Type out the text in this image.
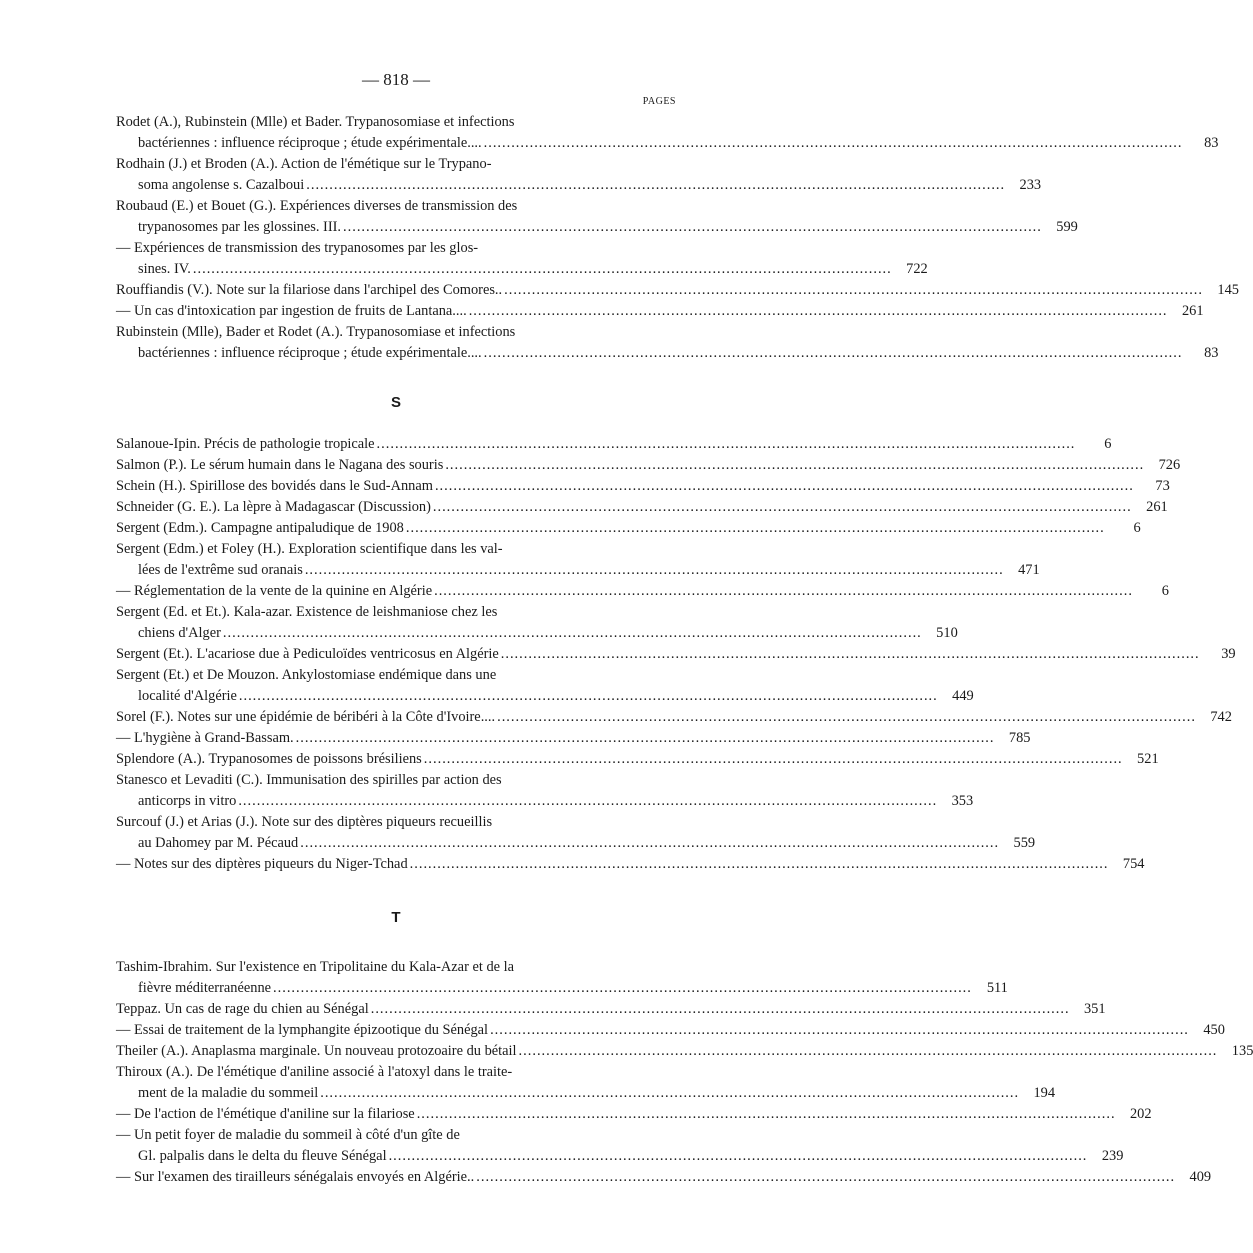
— 818 —
PAGES
Rodet (A.), Rubinstein (Mlle) et Bader. Trypanosomiase et infections
bactériennes : influence réciproque ; étude expérimentale.... .....	83
Rodhain (J.) et Broden (A.). Action de l'émétique sur le Trypano-
soma angolense s. Cazalboui .....	233
Roubaud (E.) et Bouet (G.). Expériences diverses de transmission des
trypanosomes par les glossines. III. .....	599
— Expériences de transmission des trypanosomes par les glos-
sines. IV. .....	722
Rouffiandis (V.). Note sur la filariose dans l'archipel des Comores.. .....	145
— Un cas d'intoxication par ingestion de fruits de Lantana.... .....	261
Rubinstein (Mlle), Bader et Rodet (A.). Trypanosomiase et infections
bactériennes : influence réciproque ; étude expérimentale.... .....	83
S
Salanoue-Ipin. Précis de pathologie tropicale .....	6
Salmon (P.). Le sérum humain dans le Nagana des souris .....	726
Schein (H.). Spirillose des bovidés dans le Sud-Annam .....	73
Schneider (G. E.). La lèpre à Madagascar (Discussion) .....	261
Sergent (Edm.). Campagne antipaludique de 1908 .....	6
Sergent (Edm.) et Foley (H.). Exploration scientifique dans les val-
lées de l'extrême sud oranais .....	471
— Réglementation de la vente de la quinine en Algérie .....	6
Sergent (Ed. et Et.). Kala-azar. Existence de leishmaniose chez les
chiens d'Alger .....	510
Sergent (Et.). L'acariose due à Pediculoïdes ventricosus en Algérie .....	39
Sergent (Et.) et De Mouzon. Ankylostomiase endémique dans une
localité d'Algérie .....	449
Sorel (F.). Notes sur une épidémie de béribéri à la Côte d'Ivoire.... .....	742
— L'hygiène à Grand-Bassam. .....	785
Splendore (A.). Trypanosomes de poissons brésiliens .....	521
Stanesco et Levaditi (C.). Immunisation des spirilles par action des
anticorps in vitro .....	353
Surcouf (J.) et Arias (J.). Note sur des diptères piqueurs recueillis
au Dahomey par M. Pécaud .....	559
— Notes sur des diptères piqueurs du Niger-Tchad .....	754
T
Tashim-Ibrahim. Sur l'existence en Tripolitaine du Kala-Azar et de la
fièvre méditerranéenne .....	511
Teppaz. Un cas de rage du chien au Sénégal .....	351
— Essai de traitement de la lymphangite épizootique du Sénégal .....	450
Theiler (A.). Anaplasma marginale. Un nouveau protozoaire du bétail .....	135
Thiroux (A.). De l'émétique d'aniline associé à l'atoxyl dans le traite-
ment de la maladie du sommeil .....	194
— De l'action de l'émétique d'aniline sur la filariose .....	202
— Un petit foyer de maladie du sommeil à côté d'un gîte de
Gl. palpalis dans le delta du fleuve Sénégal .....	239
— Sur l'examen des tirailleurs sénégalais envoyés en Algérie.. .....	409
